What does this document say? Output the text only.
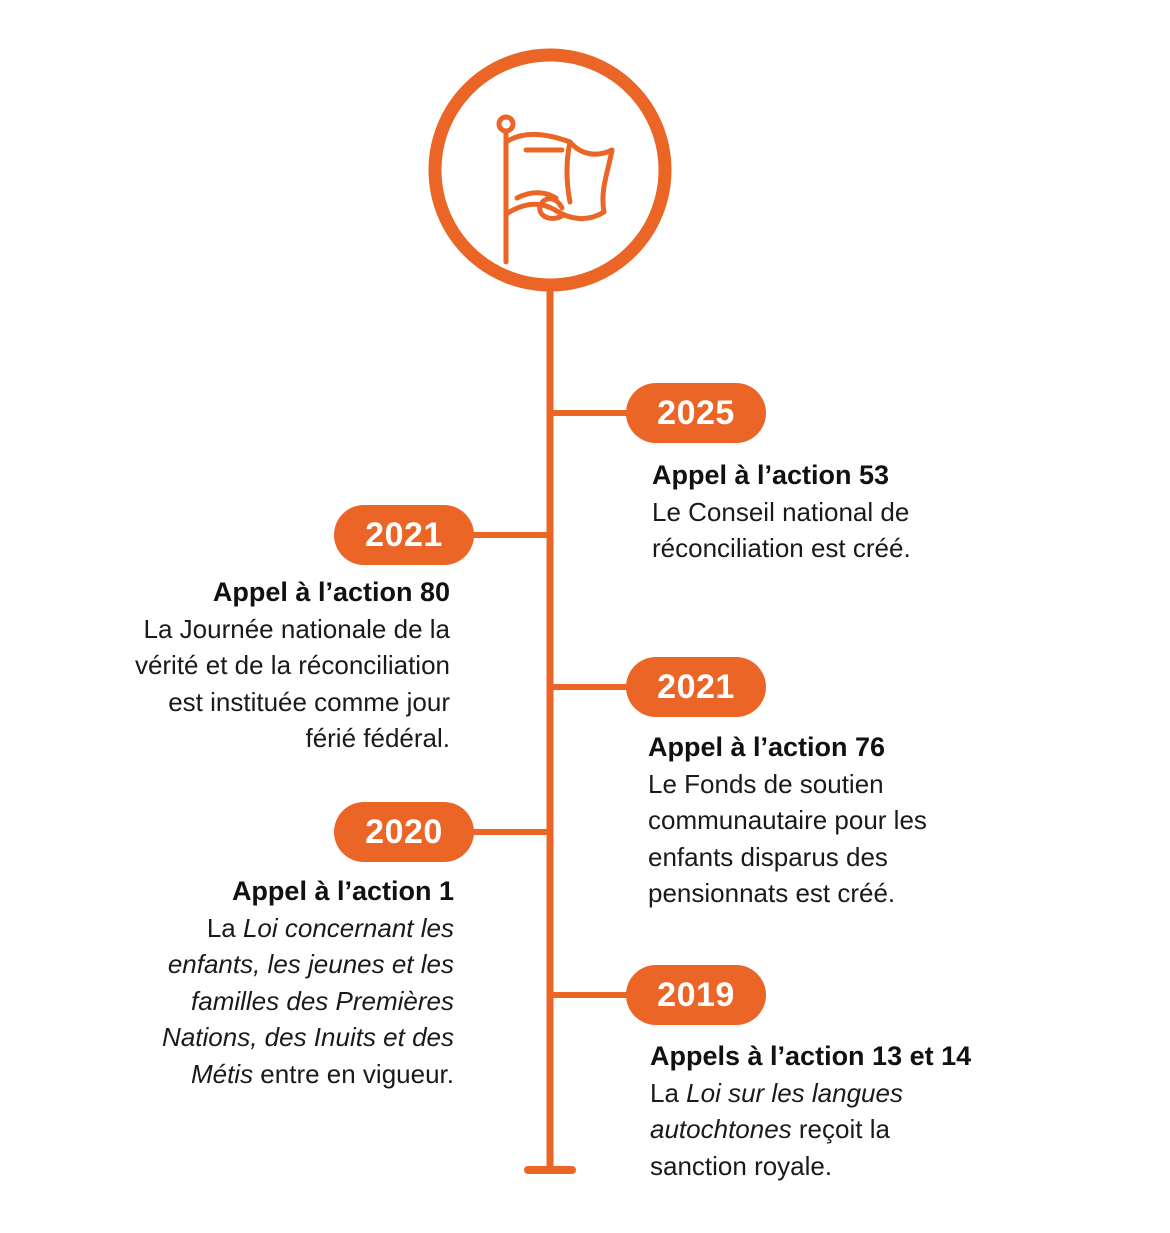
2025
2021
2021
2020
2019
Appel à l’action 53
Le Conseil national de
réconciliation est créé.
Appel à l’action 80
La Journée nationale de la
vérité et de la réconciliation
est instituée comme jour
férié fédéral.	Appel à l’action 76
Le Fonds de soutien
communautaire pour les
enfants disparus des
pensionnats est créé.
Appel à l’action 1
La Loi concernant les
enfants, les jeunes et les
familles des Premières
Nations, des Inuits et des
Métis entre en vigueur.
Appels à l’action 13 et 14
La Loi sur les langues
autochtones reçoit la
sanction royale.
